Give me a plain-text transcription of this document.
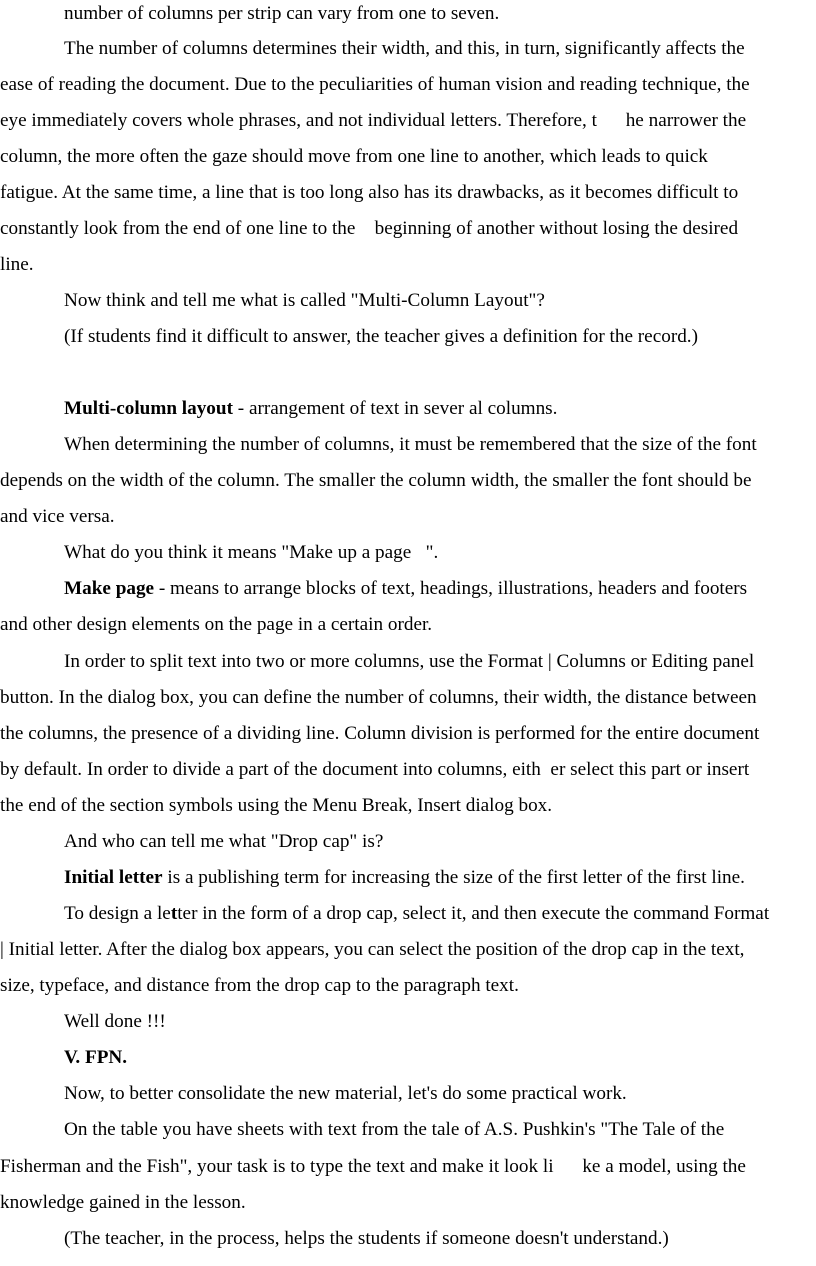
number of columns per strip can vary from one to seven.
The number of columns determines their width, and this, in turn, significantly affects the
ease of reading the document. Due to the peculiarities of human vision and reading technique, the
eye immediately covers whole phrases, and not individual letters. Therefore, t      he narrower the
column, the more often the gaze should move from one line to another, which leads to quick
fatigue. At the same time, a line that is too long also has its drawbacks, as it becomes difficult to
constantly look from the end of one line to the    beginning of another without losing the desired
line.
Now think and tell me what is called "Multi-Column Layout"?
(If students find it difficult to answer, the teacher gives a definition for the record.)
Multi-column layout - arrangement of text in sever al columns.
When determining the number of columns, it must be remembered that the size of the font
depends on the width of the column. The smaller the column width, the smaller the font should be
and vice versa.
What do you think it means "Make up a page   ".
Make page - means to arrange blocks of text, headings, illustrations, headers and footers
and other design elements on the page in a certain order.
In order to split text into two or more columns, use the Format | Columns or Editing panel
button. In the dialog box, you can define the number of columns, their width, the distance between
the columns, the presence of a dividing line. Column division is performed for the entire document
by default. In order to divide a part of the document into columns, eith  er select this part or insert
the end of the section symbols using the Menu Break, Insert dialog box.
And who can tell me what "Drop cap" is?
Initial letter is a publishing term for increasing the size of the first letter of the first line.
To design a letter in the form of a drop cap, select it, and then execute the command Format
| Initial letter. After the dialog box appears, you can select the position of the drop cap in the text,
size, typeface, and distance from the drop cap to the paragraph text.
Well done !!!
V. FPN.
Now, to better consolidate the new material, let's do some practical work.
On the table you have sheets with text from the tale of A.S. Pushkin's "The Tale of the
Fisherman and the Fish", your task is to type the text and make it look li      ke a model, using the
knowledge gained in the lesson.
(The teacher, in the process, helps the students if someone doesn't understand.)
